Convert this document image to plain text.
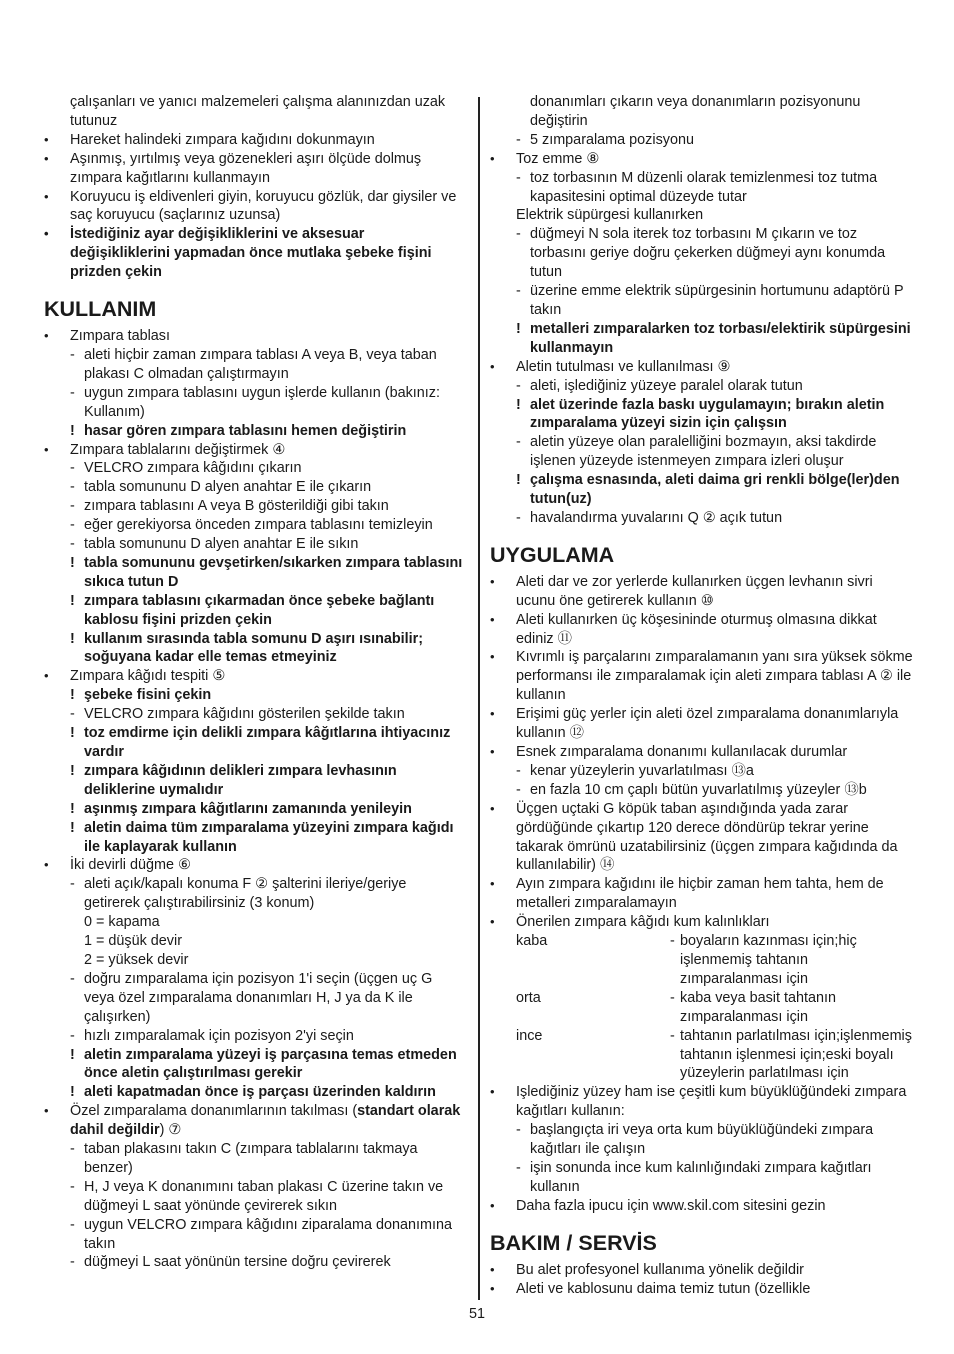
çalışanları ve yanıcı malzemeleri çalışma alanınızdan uzak tutunuz
• Hareket halindeki zımpara kağıdını dokunmayın
• Aşınmış, yırtılmış veya gözenekleri aşırı ölçüde dolmuş zımpara kağıtlarını kullanmayın
• Koruyucu iş eldivenleri giyin, koruyucu gözlük, dar giysiler ve saç koruyucu (saçlarınız uzunsa)
• İstediğiniz ayar değişikliklerini ve aksesuar değişikliklerini yapmadan önce mutlaka şebeke fişini prizden çekin
KULLANIM
• Zımpara tablası
- aleti hiçbir zaman zımpara tablası A veya B, veya taban plakası C olmadan çalıştırmayın
- uygun zımpara tablasını uygun işlerde kullanın (bakınız: Kullanım)
! hasar gören zımpara tablasını hemen değiştirin
• Zımpara tablalarını değiştirmek ④
- VELCRO zımpara kâğıdını çıkarın
- tabla somununu D alyen anahtar E ile çıkarın
- zımpara tablasını A veya B gösterildiği gibi takın
- eğer gerekiyorsa önceden zımpara tablasını temizleyin
- tabla somununu D alyen anahtar E ile sıkın
! tabla somununu gevşetirken/sıkarken zımpara tablasını sıkıca tutun D
! zımpara tablasını çıkarmadan önce şebeke bağlantı kablosu fişini prizden çekin
! kullanım sırasında tabla somunu D aşırı ısınabilir; soğuyana kadar elle temas etmeyiniz
• Zımpara kâğıdı tespiti ⑤
! şebeke fisini çekin
- VELCRO zımpara kâğıdını gösterilen şekilde takın
! toz emdirme için delikli zımpara kâğıtlarına ihtiyacınız vardır
! zımpara kâğıdının delikleri zımpara levhasının deliklerine uymalıdır
! aşınmış zımpara kâğıtlarını zamanında yenileyin
! aletin daima tüm zımparalama yüzeyini zımpara kağıdı ile kaplayarak kullanın
• İki devirli düğme ⑥
- aleti açık/kapalı konuma F ② şalterini ileriye/geriye getirerek çalıştırabilirsiniz (3 konum)
0 = kapama
1 = düşük devir
2 = yüksek devir
- doğru zımparalama için pozisyon 1'i seçin (üçgen uç G veya özel zımparalama donanımları H, J ya da K ile çalışırken)
- hızlı zımparalamak için pozisyon 2'yi seçin
! aletin zımparalama yüzeyi iş parçasına temas etmeden önce aletin çalıştırılması gerekir
! aleti kapatmadan önce iş parçası üzerinden kaldırın
• Özel zımparalama donanımlarının takılması (standart olarak dahil değildir) ⑦
- taban plakasını takın C (zımpara tablalarını takmaya benzer)
- H, J veya K donanımını taban plakası C üzerine takın ve düğmeyi L saat yönünde çevirerek sıkın
- uygun VELCRO zımpara kâğıdını ziparalama donanımına takın
- düğmeyi L saat yönünün tersine doğru çevirerek
donanımları çıkarın veya donanımların pozisyonunu değiştirin
- 5 zımparalama pozisyonu
• Toz emme ⑧
- toz torbasının M düzenli olarak temizlenmesi toz tutma kapasitesini optimal düzeyde tutar
Elektrik süpürgesi kullanırken
- düğmeyi N sola iterek toz torbasını M çıkarın ve toz torbasını geriye doğru çekerken düğmeyi aynı konumda tutun
- üzerine emme elektrik süpürgesinin hortumunu adaptörü P takın
! metalleri zımparalarken toz torbası/elektirik süpürgesini kullanmayın
• Aletin tutulması ve kullanılması ⑨
- aleti, işlediğiniz yüzeye paralel olarak tutun
! alet üzerinde fazla baskı uygulamayın; bırakın aletin zımparalama yüzeyi sizin için çalışsın
- aletin yüzeye olan paralelliğini bozmayın, aksi takdirde işlenen yüzeyde istenmeyen zımpara izleri oluşur
! çalışma esnasında, aleti daima gri renkli bölge(ler)den tutun(uz)
- havalandırma yuvalarını Q ② açık tutun
UYGULAMA
• Aleti dar ve zor yerlerde kullanırken üçgen levhanın sivri ucunu öne getirerek kullanın ⑩
• Aleti kullanırken üç köşesininde oturmuş olmasına dikkat ediniz ⑪
• Kıvrımlı iş parçalarını zımparalamanın yanı sıra yüksek sökme performansı ile zımparalamak için aleti zımpara tablası A ② ile kullanın
• Erişimi güç yerler için aleti özel zımparalama donanımlarıyla kullanın ⑫
• Esnek zımparalama donanımı kullanılacak durumlar
- kenar yüzeylerin yuvarlatılması ⑬a
- en fazla 10 cm çaplı bütün yuvarlatılmış yüzeyler ⑬b
• Üçgen uçtaki G köpük taban aşındığında yada zarar gördüğünde çıkartıp 120 derece döndürüp tekrar yerine takarak ömrünü uzatabilirsiniz (üçgen zımpara kağıdında da kullanılabilir) ⑭
• Ayın zımpara kağıdını ile hiçbir zaman hem tahta, hem de metalleri zımparalamayın
• Önerilen zımpara kâğıdı kum kalınlıkları
kaba	- boyaların kazınması için;hiç işlenmemiş tahtanın zımparalanması için
orta	- kaba veya basit tahtanın zımparalanması için
ince	- tahtanın parlatılması için;işlenmemiş tahtanın işlenmesi için;eski boyalı yüzeylerin parlatılması için
• Işlediğiniz yüzey ham ise çeşitli kum büyüklüğündeki zımpara kağıtları kullanın:
- başlangıçta iri veya orta kum büyüklüğündeki zımpara kağıtları ile çalışın
- işin sonunda ince kum kalınlığındaki zımpara kağıtları kullanın
• Daha fazla ipucu için www.skil.com sitesini gezin
BAKIM / SERVİS
• Bu alet profesyonel kullanıma yönelik değildir
• Aleti ve kablosunu daima temiz tutun (özellikle
51
